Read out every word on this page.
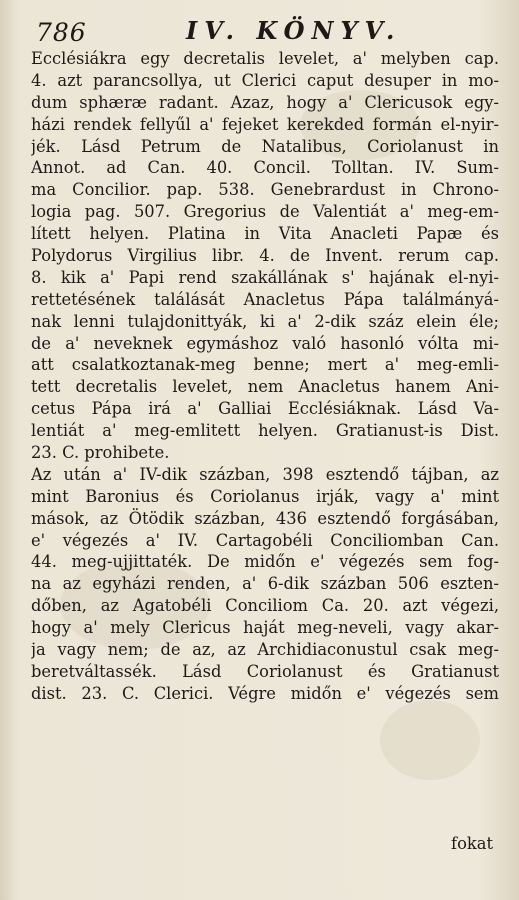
786	IV. KÖNYV.
Ecclésiákra egy decretalis levelet, a' melyben cap.
4. azt parancsollya, ut Clerici caput desuper in mo-
dum sphæræ radant. Azaz, hogy a' Clericusok egy-
házi rendek fellyűl a' fejeket kerekded formán el-nyir-
jék. Lásd Petrum de Natalibus, Coriolanust in
Annot. ad Can. 40. Concil. Tolltan. IV. Sum-
ma Concilior. pap. 538. Genebrardust in Chrono-
logia pag. 507. Gregorius de Valentiát a' meg-em-
lített helyen. Platina in Vita Anacleti Papæ és
Polydorus Virgilius libr. 4. de Invent. rerum cap.
8. kik a' Papi rend szakállának s' hajának el-nyi-
rettetésének találását Anacletus Pápa találmányá-
nak lenni tulajdonittyák, ki a' 2-dik száz elein éle;
de a' neveknek egymáshoz való hasonló vólta mi-
att csalatkoztanak-meg benne; mert a' meg-emli-
tett decretalis levelet, nem Anacletus hanem Ani-
cetus Pápa irá a' Galliai Ecclésiáknak. Lásd Va-
lentiát a' meg-emlitett helyen. Gratianust-is Dist.
23. C. prohibete.
Az után a' IV-dik százban, 398 esztendő tájban, az
mint Baronius és Coriolanus irják, vagy a' mint
mások, az Ötödik százban, 436 esztendő forgásában,
e' végezés a' IV. Cartagobéli Conciliomban Can.
44. meg-ujjittaték. De midőn e' végezés sem fog-
na az egyházi renden, a' 6-dik százban 506 eszten-
dőben, az Agatobéli Conciliom Ca. 20. azt végezi,
hogy a' mely Clericus haját meg-neveli, vagy akar-
ja vagy nem; de az, az Archidiaconustul csak meg-
beretváltassék. Lásd Coriolanust és Gratianust
dist. 23. C. Clerici. Végre midőn e' végezés sem
fokat
